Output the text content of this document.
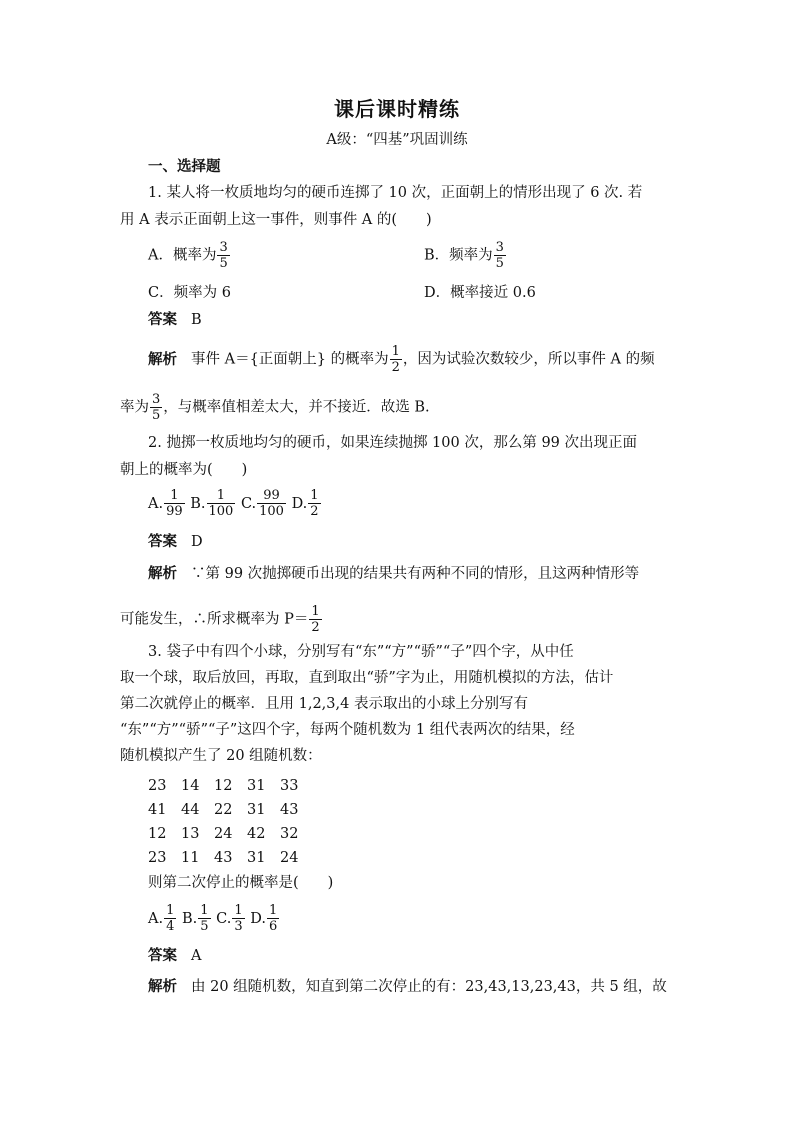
课后课时精练
A级：“四基”巩固训练
一、选择题
1. 某人将一枚质地均匀的硬币连掷了 10 次，正面朝上的情形出现了 6 次. 若
用 A 表示正面朝上这一事件，则事件 A 的(　　)
A．概率为 $\frac{3}{5}$	B．频率为 $\frac{3}{5}$
C．频率为 6	D．概率接近 0.6
答案 B
解析 事件 A＝{正面朝上} 的概率为 $\frac{1}{2}$ ，因为试验次数较少，所以事件 A 的频
率为 $\frac{3}{5}$ ，与概率值相差太大，并不接近．故选 B.
2. 抛掷一枚质地均匀的硬币，如果连续抛掷 100 次，那么第 99 次出现正面
朝上的概率为(　　)
A. $\frac{1}{99} B$. $\frac{1}{100} C$. $\frac{99}{100} D$. $\frac{1}{2}$
答案 D
解析 ∵第 99 次抛掷硬币出现的结果共有两种不同的情形，且这两种情形等
可能发生，∴所求概率为 $P= \frac{1}{2}$
3. 袋子中有四个小球，分别写有“东”“方”“骄”“子”四个字，从中任
取一个球，取后放回，再取，直到取出“骄”字为止，用随机模拟的方法，估计
第二次就停止的概率．且用 1,2,3,4 表示取出的小球上分别写有
“东”“方”“骄”“子”这四个字，每两个随机数为 1 组代表两次的结果，经
随机模拟产生了 20 组随机数：
23	14	12	31	33
41	44	22	31	43
12	13	24	42	32
23	11	43	31	24
则第二次停止的概率是(　　)
A. $\frac{1}{4} B$. $\frac{1}{5} C$. $\frac{1}{3} D$. $\frac{1}{6}$
答案 A
解析 由 20 组随机数，知直到第二次停止的有：23,43,13,23,43，共 5 组，故
